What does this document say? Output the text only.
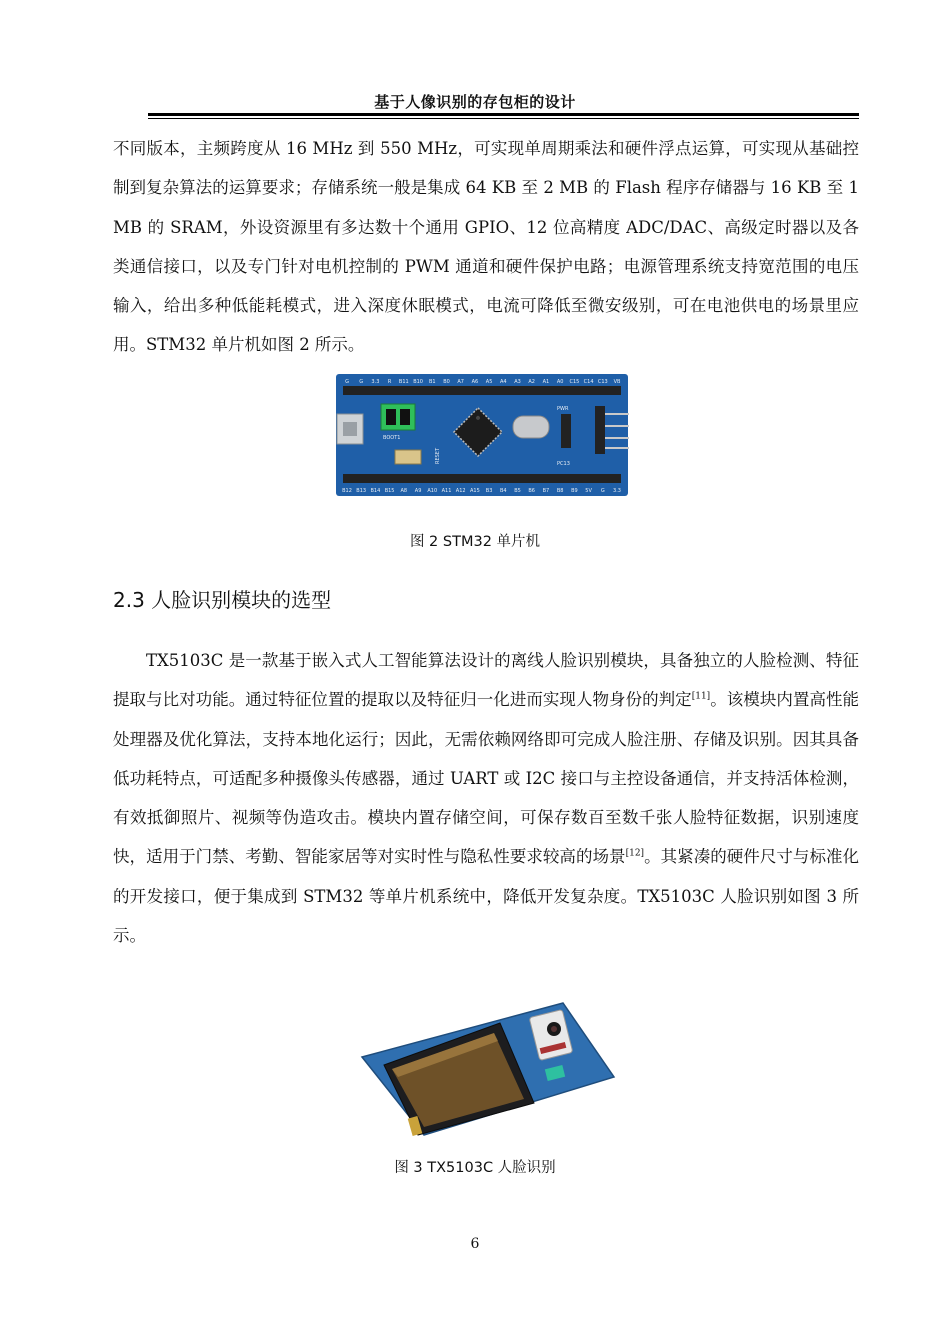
基于人像识别的存包柜的设计

不同版本，主频跨度从 16 MHz 到 550 MHz，可实现单周期乘法和硬件浮点运算，可实现从基础控制到复杂算法的运算要求；存储系统一般是集成 64 KB 至 2 MB 的 Flash 程序存储器与 16 KB 至 1 MB 的 SRAM，外设资源里有多达数十个通用 GPIO、12 位高精度 ADC/DAC、高级定时器以及各类通信接口，以及专门针对电机控制的 PWM 通道和硬件保护电路；电源管理系统支持宽范围的电压输入，给出多种低能耗模式，进入深度休眠模式，电流可降低至微安级别，可在电池供电的场景里应用。STM32 单片机如图 2 所示。

G G 3.3 R B11 B10 B1 B0 A7 A6 A5 A4 A3 A2 A1 A0 C15 C14 C13 VB
B12 B13 B14 B15 A8 A9 A10 A11 A12 A15 B3 B4 B5 B6 B7 B8 B9 5V G 3.3
BOOT1
RESET
PWR
PC13
图 2 STM32 单片机
2.3 人脸识别模块的选型

TX5103C 是一款基于嵌入式人工智能算法设计的离线人脸识别模块，具备独立的人脸检测、特征提取与比对功能。通过特征位置的提取以及特征归一化进而实现人物身份的判定[11]。该模块内置高性能处理器及优化算法，支持本地化运行；因此，无需依赖网络即可完成人脸注册、存储及识别。因其具备低功耗特点，可适配多种摄像头传感器，通过 UART 或 I2C 接口与主控设备通信，并支持活体检测，有效抵御照片、视频等伪造攻击。模块内置存储空间，可保存数百至数千张人脸特征数据，识别速度快，适用于门禁、考勤、智能家居等对实时性与隐私性要求较高的场景[12]。其紧凑的硬件尺寸与标准化的开发接口，便于集成到 STM32 等单片机系统中，降低开发复杂度。TX5103C 人脸识别如图 3 所示。

图 3 TX5103C 人脸识别
6
